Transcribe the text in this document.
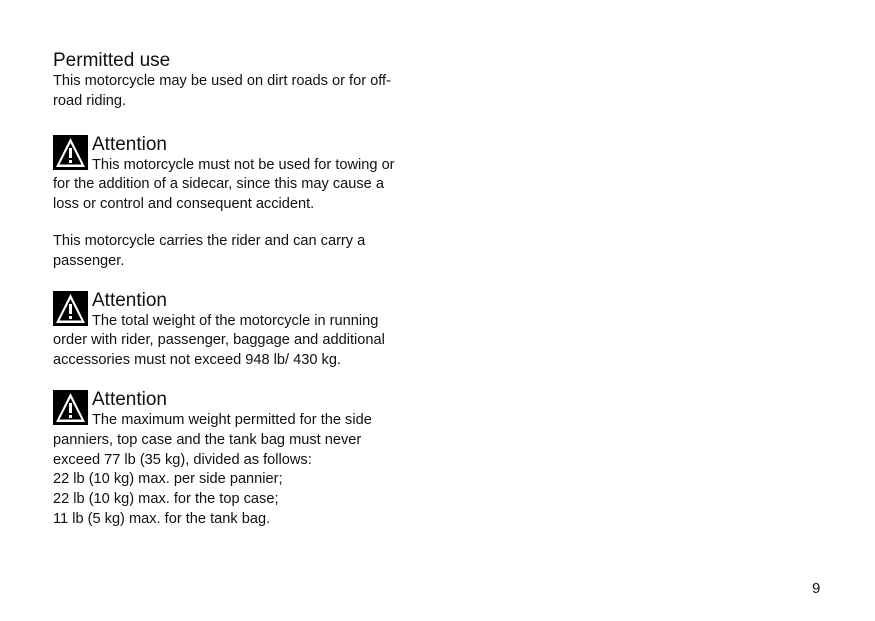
Permitted use

This motorcycle may be used on dirt roads or for off-

road riding.

Attention

This motorcycle must not be used for towing or

for the addition of a sidecar, since this may cause a

loss or control and consequent accident.

This motorcycle carries the rider and can carry a

passenger.

Attention

The total weight of the motorcycle in running

order with rider, passenger, baggage and additional

accessories must not exceed 948 lb/ 430 kg.

Attention

The maximum weight permitted for the side

panniers, top case and the tank bag must never

exceed 77 lb (35 kg), divided as follows:

22 lb (10 kg) max. per side pannier;

22 lb (10 kg) max. for the top case;

11 lb (5 kg) max. for the tank bag.

9
